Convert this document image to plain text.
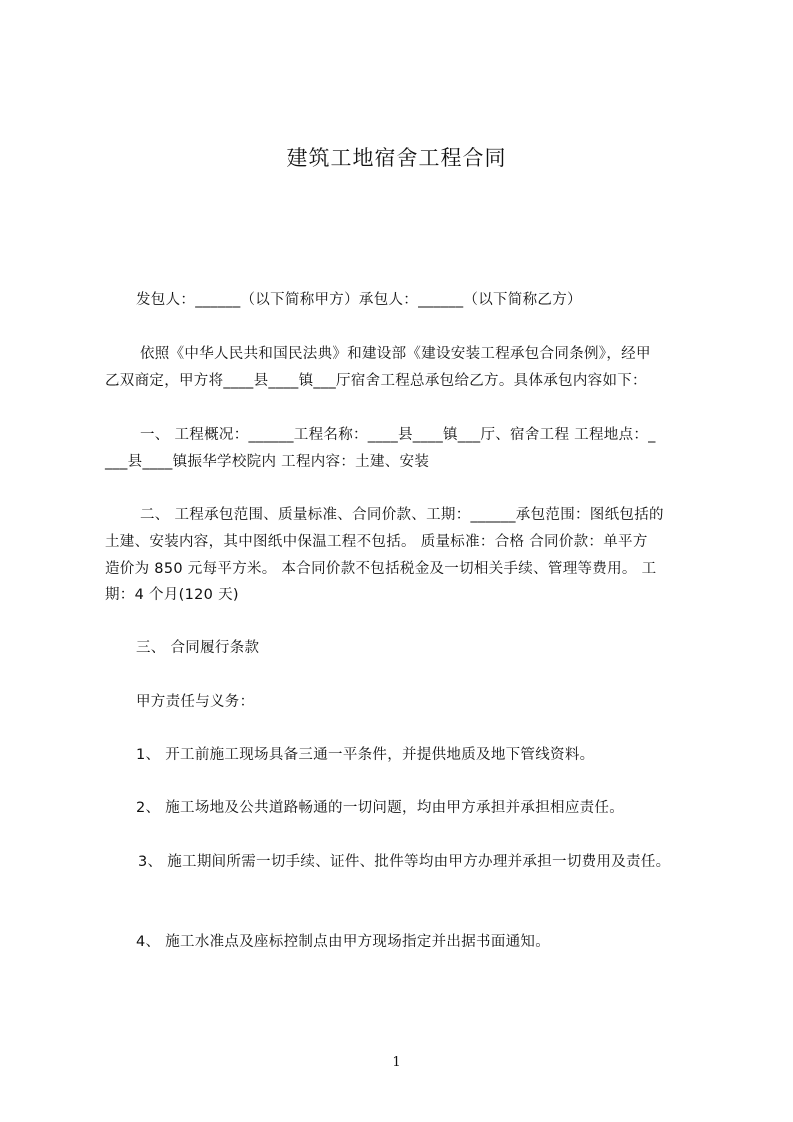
建筑工地宿舍工程合同
发包人：______（以下简称甲方）承包人：______（以下简称乙方）
依照《中华人民共和国民法典》和建设部《建设安装工程承包合同条例》，经甲
乙双商定，甲方将____县____镇___厅宿舍工程总承包给乙方。具体承包内容如下：
一、 工程概况：______工程名称：____县____镇___厅、宿舍工程 工程地点：_
___县____镇振华学校院内 工程内容：土建、安装
二、 工程承包范围、质量标准、合同价款、工期：______承包范围：图纸包括的
土建、安装内容，其中图纸中保温工程不包括。 质量标准：合格 合同价款：单平方
造价为 850 元每平方米。 本合同价款不包括税金及一切相关手续、管理等费用。 工
期：4 个月(120 天)
三、 合同履行条款
甲方责任与义务：
1、 开工前施工现场具备三通一平条件，并提供地质及地下管线资料。
2、 施工场地及公共道路畅通的一切问题，均由甲方承担并承担相应责任。
3、 施工期间所需一切手续、证件、批件等均由甲方办理并承担一切费用及责任。
4、 施工水准点及座标控制点由甲方现场指定并出据书面通知。
1
